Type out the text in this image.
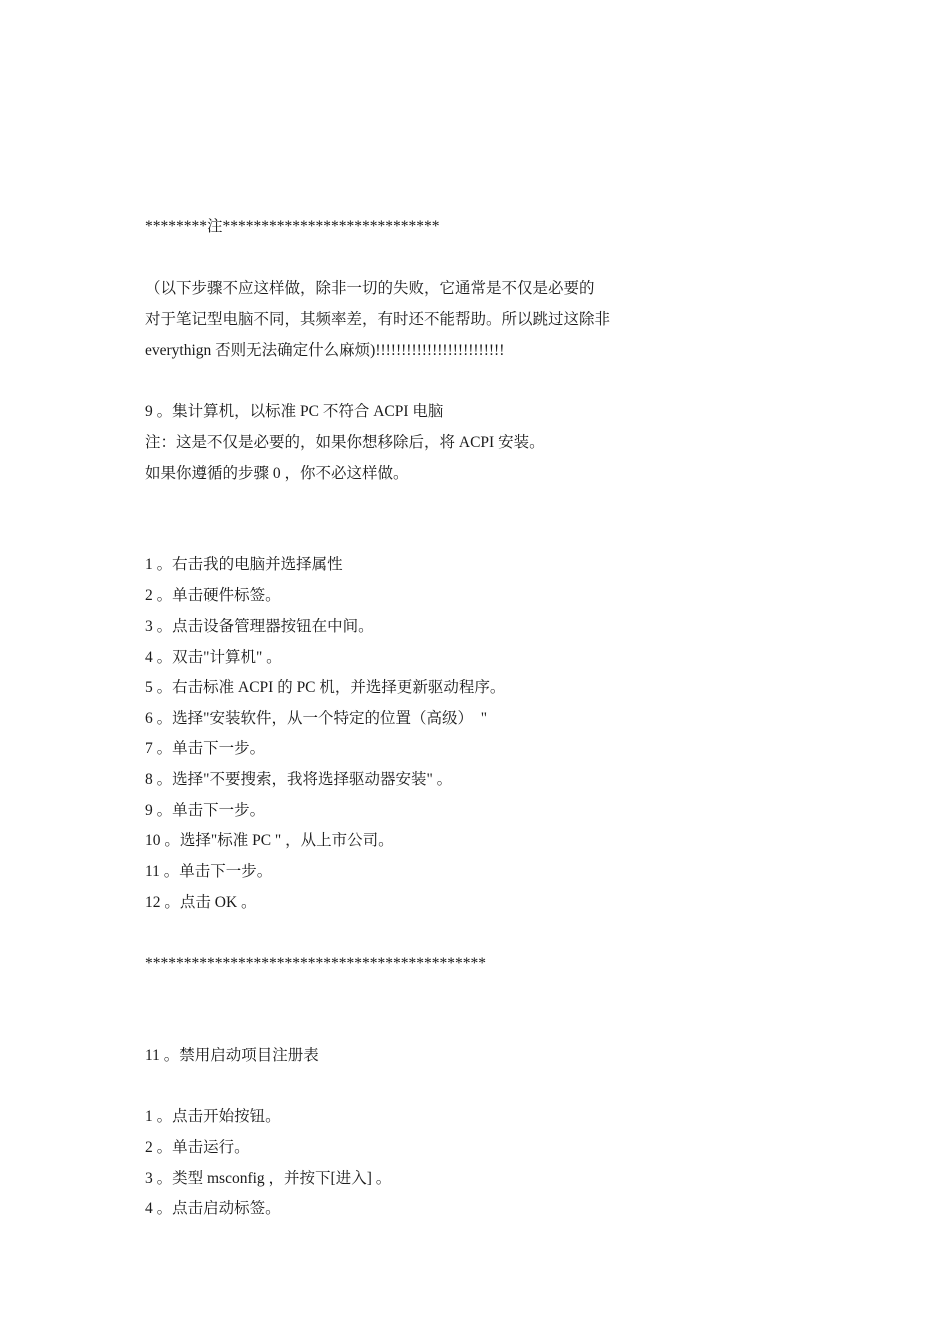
********注****************************
（以下步骤不应这样做，除非一切的失败，它通常是不仅是必要的
对于笔记型电脑不同，其频率差，有时还不能帮助。所以跳过这除非
everythign 否则无法确定什么麻烦)!!!!!!!!!!!!!!!!!!!!!!!!!
9 。集计算机，以标准 PC 不符合 ACPI 电脑
注：这是不仅是必要的，如果你想移除后，将 ACPI 安装。
如果你遵循的步骤 0 ，你不必这样做。
1 。右击我的电脑并选择属性
2 。单击硬件标签。
3 。点击设备管理器按钮在中间。
4 。双击"计算机" 。
5 。右击标准 ACPI 的 PC 机，并选择更新驱动程序。
6 。选择"安装软件，从一个特定的位置（高级）  "
7 。单击下一步。
8 。选择"不要搜索，我将选择驱动器安装" 。
9 。单击下一步。
10 。选择"标准 PC " ，从上市公司。
11 。单击下一步。
12 。点击 OK 。
********************************************
11 。禁用启动项目注册表
1 。点击开始按钮。
2 。单击运行。
3 。类型 msconfig ，并按下[进入] 。
4 。点击启动标签。
